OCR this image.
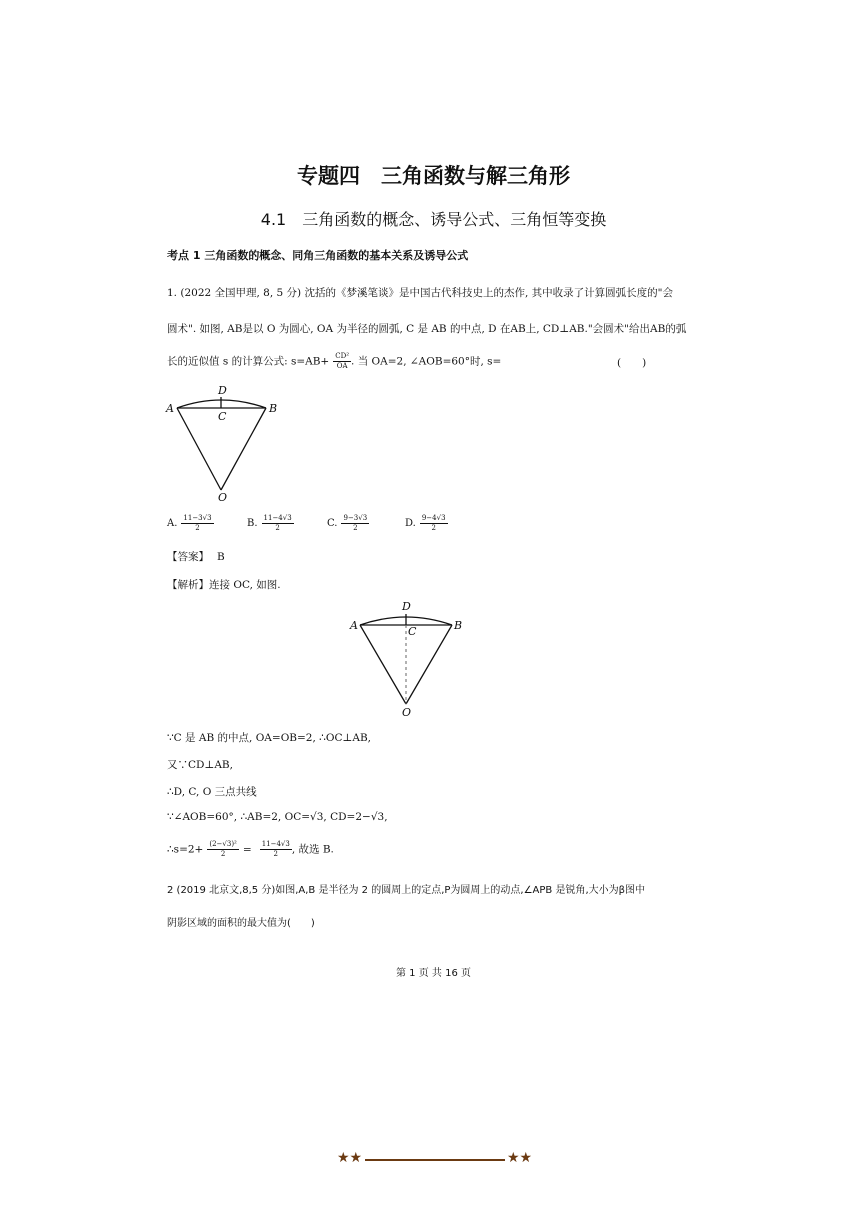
专题四　三角函数与解三角形
4.1　三角函数的概念、诱导公式、三角恒等变换
考点 1 三角函数的概念、同角三角函数的基本关系及诱导公式
1. (2022 全国甲理, 8, 5 分) 沈括的《梦溪笔谈》是中国古代科技史上的杰作, 其中收录了计算圆弧长度的"会
圆术". 如图, AB是以 O 为圆心, OA 为半径的圆弧, C 是 AB 的中点, D 在AB上, CD⊥AB."会圆术"给出AB的弧
长的近似值 s 的计算公式: $s=AB+ \frac{\text{CD²}}{OA}$ . 当 OA=2, ∠AOB=60°时, s=	(　　)
A	B
C
D
O
A. $\frac{11-3√3}{2}$	B. $\frac{11-4√3}{2}$	C. $\frac{9-3√3}{2}$	D. $\frac{9-4√3}{2}$
【答案】 B
【解析】连接 OC, 如图.
A	B
C
D
O
∵C 是 AB 的中点, OA=OB=2, ∴OC⊥AB,
又∵CD⊥AB,
∴D, C, O 三点共线
∵∠AOB=60°, ∴AB=2, OC=√3, CD=2−√3,
∴s=2+ $\frac{\text{(2−√3)²}}{2} = \frac{11-4√3}{2}$ , 故选 B.
2 (2019 北京文,8,5 分)如图,A,B 是半径为 2 的圆周上的定点,P为圆周上的动点,∠APB 是锐角,大小为β图中
阴影区域的面积的最大值为(　　)
第 1 页 共 16 页
★★	★★
